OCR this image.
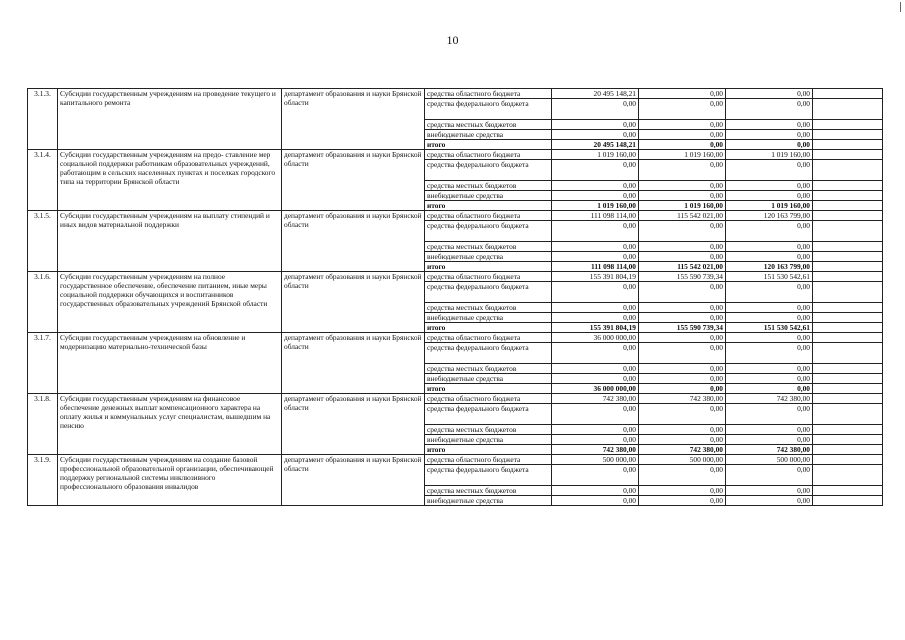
10
3.1.3.	Субсидии государственным учреждениям на проведение текущего и капитального ремонта	департамент образования и науки Брянской области	средства областного бюджета	20 495 148,21	0,00	0,00	
			средства федерального бюджета	0,00	0,00	0,00	
			средства местных бюджетов	0,00	0,00	0,00	
			внебюджетные средства	0,00	0,00	0,00	
			итого	20 495 148,21	0,00	0,00	
3.1.4.	Субсидии государственным учреждениям на предо- ставление мер социальной поддержки работникам образовательных учреждений, работающим в сельских населенных пунктах и поселках городского типа на территории Брянской области	департамент образования и науки Брянской области	средства областного бюджета	1 019 160,00	1 019 160,00	1 019 160,00	
			средства федерального бюджета	0,00	0,00	0,00	
			средства местных бюджетов	0,00	0,00	0,00	
			внебюджетные средства	0,00	0,00	0,00	
			итого	1 019 160,00	1 019 160,00	1 019 160,00	
3.1.5.	Субсидии государственным учреждениям на выплату стипендий и иных видов материальной поддержки	департамент образования и науки Брянской области	средства областного бюджета	111 098 114,00	115 542 021,00	120 163 799,00	
			средства федерального бюджета	0,00	0,00	0,00	
			средства местных бюджетов	0,00	0,00	0,00	
			внебюджетные средства	0,00	0,00	0,00	
			итого	111 098 114,00	115 542 021,00	120 163 799,00	
3.1.6.	Субсидии государственным учреждениям на полное государственное обеспечение, обеспечение питанием, иные меры социальной поддержки обучающихся и воспитанников государственных образовательных учреждений Брянской области	департамент образования и науки Брянской области	средства областного бюджета	155 391 804,19	155 590 739,34	151 530 542,61	
			средства федерального бюджета	0,00	0,00	0,00	
			средства местных бюджетов	0,00	0,00	0,00	
			внебюджетные средства	0,00	0,00	0,00	
			итого	155 391 804,19	155 590 739,34	151 530 542,61	
3.1.7.	Субсидии государственным учреждениям на обновление и модернизацию материально-технической базы	департамент образования и науки Брянской области	средства областного бюджета	36 000 000,00	0,00	0,00	
			средства федерального бюджета	0,00	0,00	0,00	
			средства местных бюджетов	0,00	0,00	0,00	
			внебюджетные средства	0,00	0,00	0,00	
			итого	36 000 000,00	0,00	0,00	
3.1.8.	Субсидии государственным учреждениям на финансовое обеспечение денежных выплат компенсационного характера на оплату жилья и коммунальных услуг специалистам, вышедшим на пенсию	департамент образования и науки Брянской области	средства областного бюджета	742 380,00	742 380,00	742 380,00	
			средства федерального бюджета	0,00	0,00	0,00	
			средства местных бюджетов	0,00	0,00	0,00	
			внебюджетные средства	0,00	0,00	0,00	
			итого	742 380,00	742 380,00	742 380,00	
3.1.9.	Субсидии государственным учреждениям на создание базовой профессиональной образовательной организации, обеспечивающей поддержку региональной системы инклюзивного профессионального образования инвалидов	департамент образования и науки Брянской области	средства областного бюджета	500 000,00	500 000,00	500 000,00	
			средства федерального бюджета	0,00	0,00	0,00	
			средства местных бюджетов	0,00	0,00	0,00	
			внебюджетные средства	0,00	0,00	0,00	
